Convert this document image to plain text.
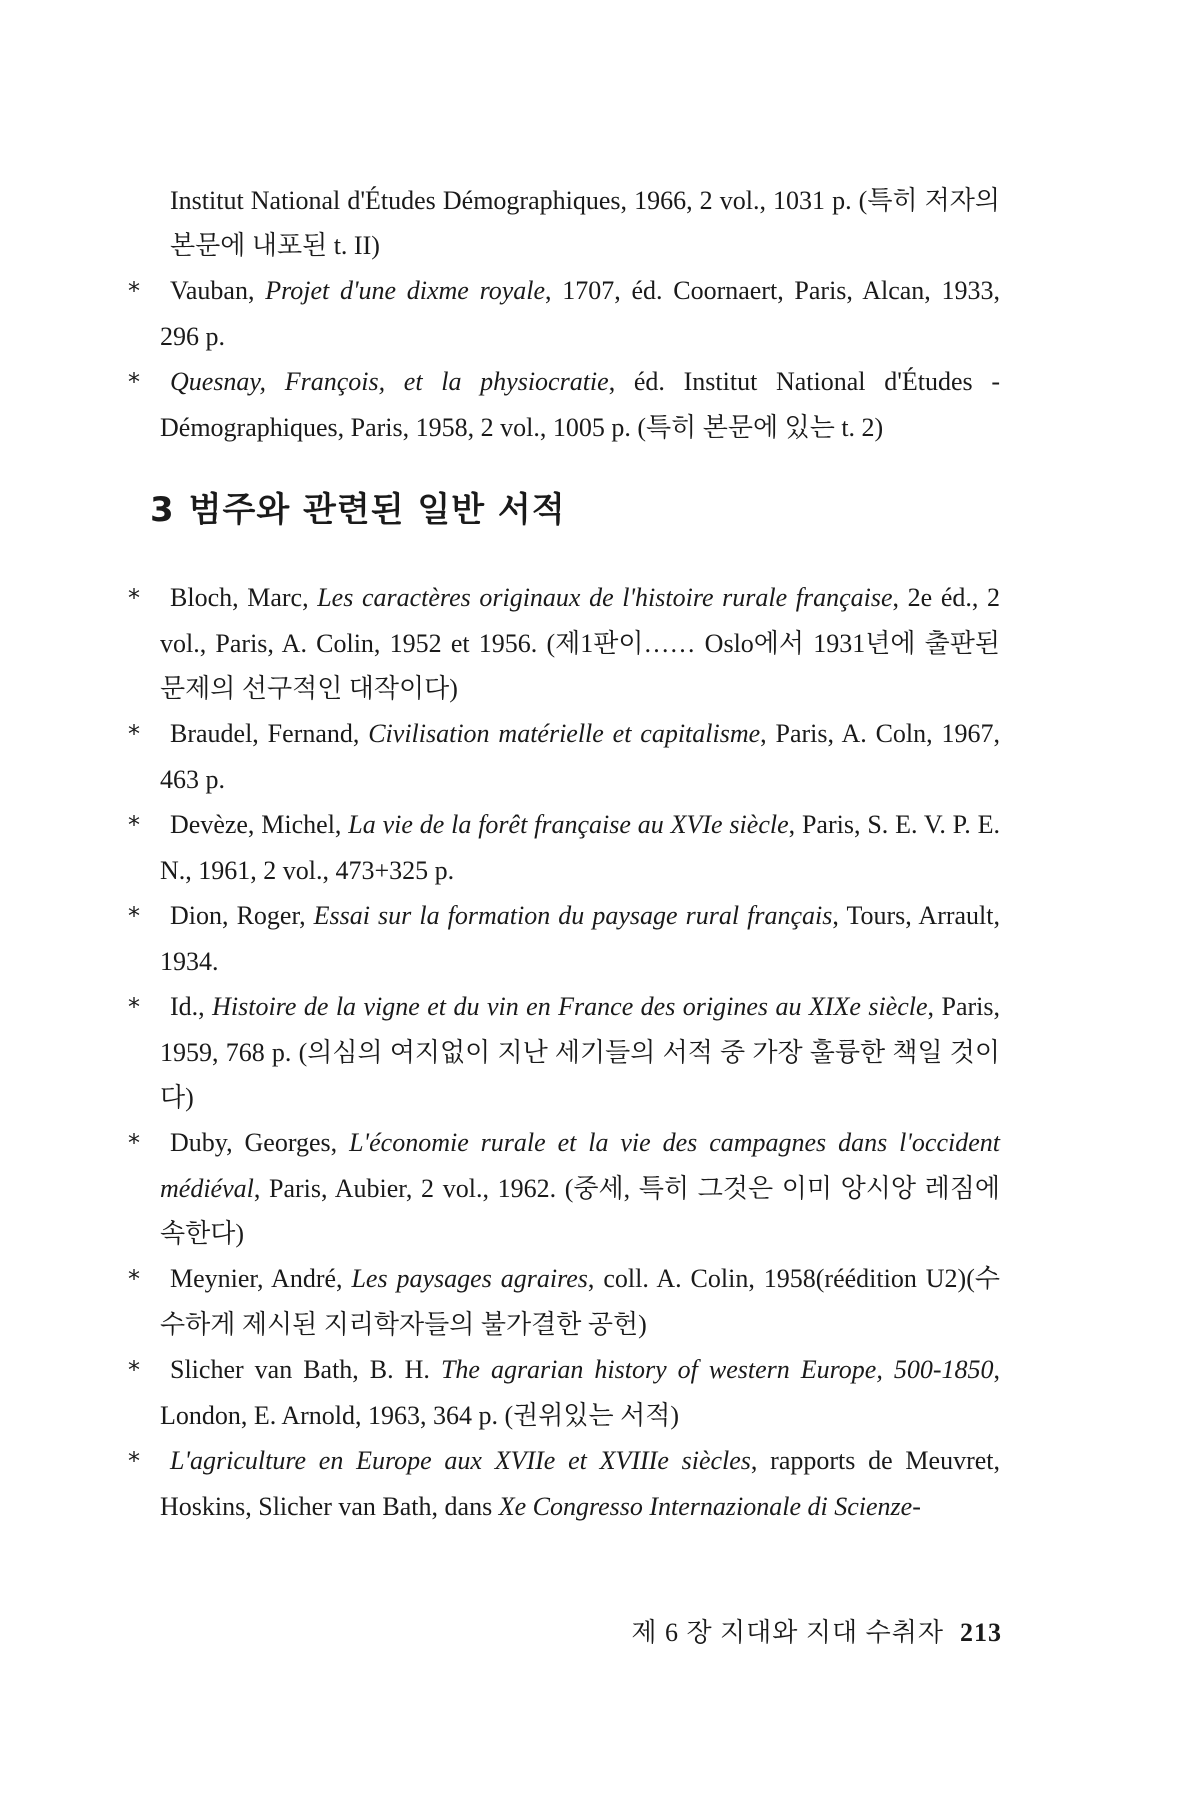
Institut National d'Études Démographiques, 1966, 2 vol., 1031 p. (특히 저자의 본문에 내포된 t. II)

* Vauban, Projet d'une dixme royale, 1707, éd. Coornaert, Paris, Alcan, 1933, 296 p.

* Quesnay, François, et la physiocratie, éd. Institut National d'Études -Démographiques, Paris, 1958, 2 vol., 1005 p. (특히 본문에 있는 t. 2)

3 범주와 관련된 일반 서적

* Bloch, Marc, Les caractères originaux de l'histoire rurale française, 2e éd., 2 vol., Paris, A. Colin, 1952 et 1956. (제1판이…… Oslo에서 1931년에 출판된 문제의 선구적인 대작이다)

* Braudel, Fernand, Civilisation matérielle et capitalisme, Paris, A. Coln, 1967, 463 p.

* Devèze, Michel, La vie de la forêt française au XVIe siècle, Paris, S. E. V. P. E. N., 1961, 2 vol., 473+325 p.

* Dion, Roger, Essai sur la formation du paysage rural français, Tours, Arrault, 1934.

* Id., Histoire de la vigne et du vin en France des origines au XIXe siècle, Paris, 1959, 768 p. (의심의 여지없이 지난 세기들의 서적 중 가장 훌륭한 책일 것이다)

* Duby, Georges, L'économie rurale et la vie des campagnes dans l'occident médiéval, Paris, Aubier, 2 vol., 1962. (중세, 특히 그것은 이미 앙시앙 레짐에 속한다)

* Meynier, André, Les paysages agraires, coll. A. Colin, 1958(réédition U2)(수수하게 제시된 지리학자들의 불가결한 공헌)

* Slicher van Bath, B. H. The agrarian history of western Europe, 500-1850, London, E. Arnold, 1963, 364 p. (권위있는 서적)

* L'agriculture en Europe aux XVIIe et XVIIIe siècles, rapports de Meuvret, Hoskins, Slicher van Bath, dans Xe Congresso Internazionale di Scienze-

제 6 장 지대와 지대 수취자 213
